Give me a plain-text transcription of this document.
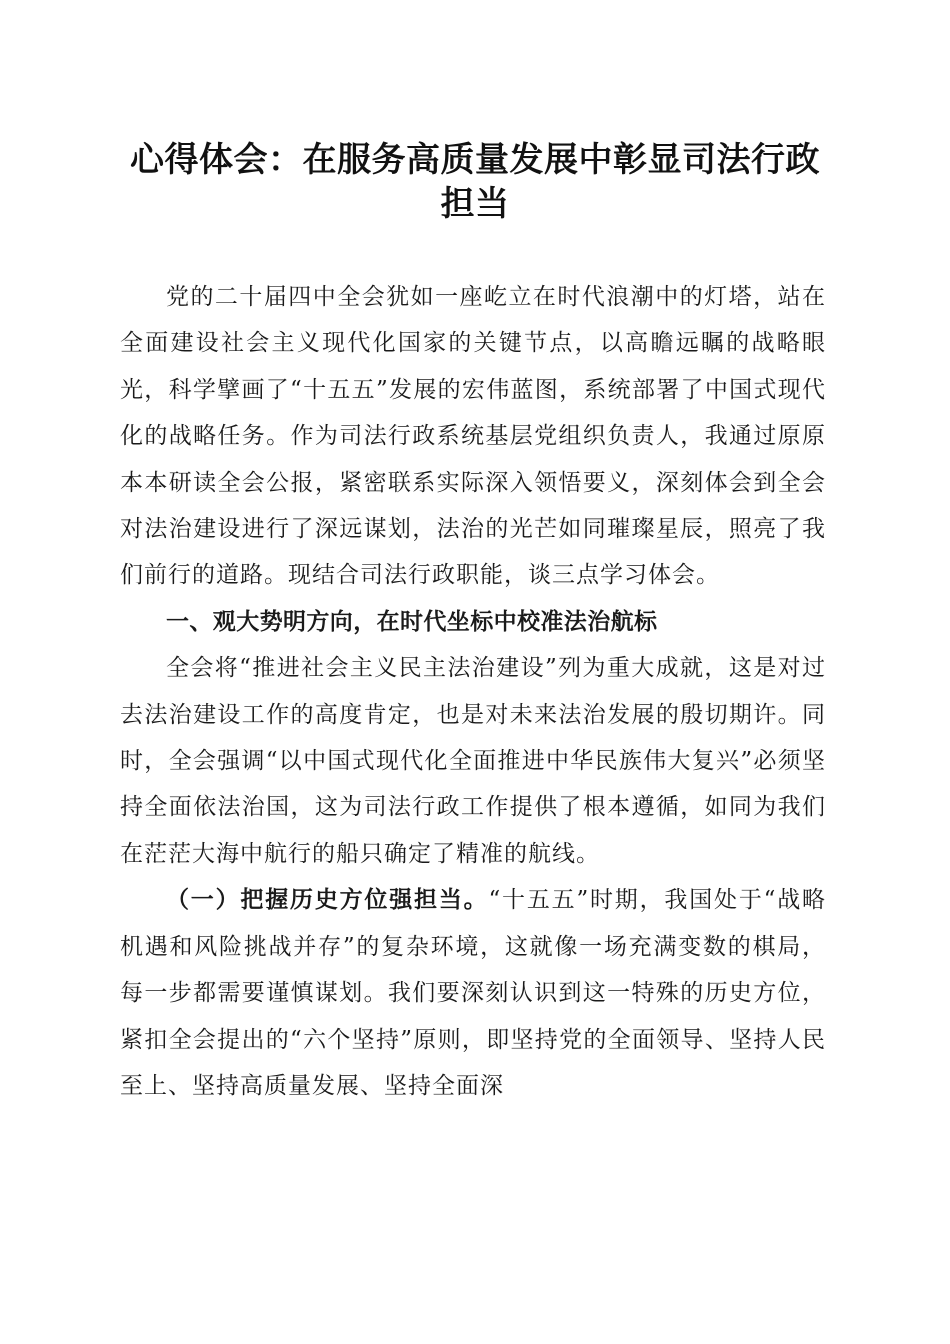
心得体会：在服务高质量发展中彰显司法行政
担当

党的二十届四中全会犹如一座屹立在时代浪潮中的灯塔，站在全面建设社会主义现代化国家的关键节点，以高瞻远瞩的战略眼光，科学擘画了“十五五”发展的宏伟蓝图，系统部署了中国式现代化的战略任务。作为司法行政系统基层党组织负责人，我通过原原本本研读全会公报，紧密联系实际深入领悟要义，深刻体会到全会对法治建设进行了深远谋划，法治的光芒如同璀璨星辰，照亮了我们前行的道路。现结合司法行政职能，谈三点学习体会。

一、观大势明方向，在时代坐标中校准法治航标

全会将“推进社会主义民主法治建设”列为重大成就，这是对过去法治建设工作的高度肯定，也是对未来法治发展的殷切期许。同时，全会强调“以中国式现代化全面推进中华民族伟大复兴”必须坚持全面依法治国，这为司法行政工作提供了根本遵循，如同为我们在茫茫大海中航行的船只确定了精准的航线。

（一）把握历史方位强担当。“十五五”时期，我国处于“战略机遇和风险挑战并存”的复杂环境，这就像一场充满变数的棋局，每一步都需要谨慎谋划。我们要深刻认识到这一特殊的历史方位，紧扣全会提出的“六个坚持”原则，即坚持党的全面领导、坚持人民至上、坚持高质量发展、坚持全面深
